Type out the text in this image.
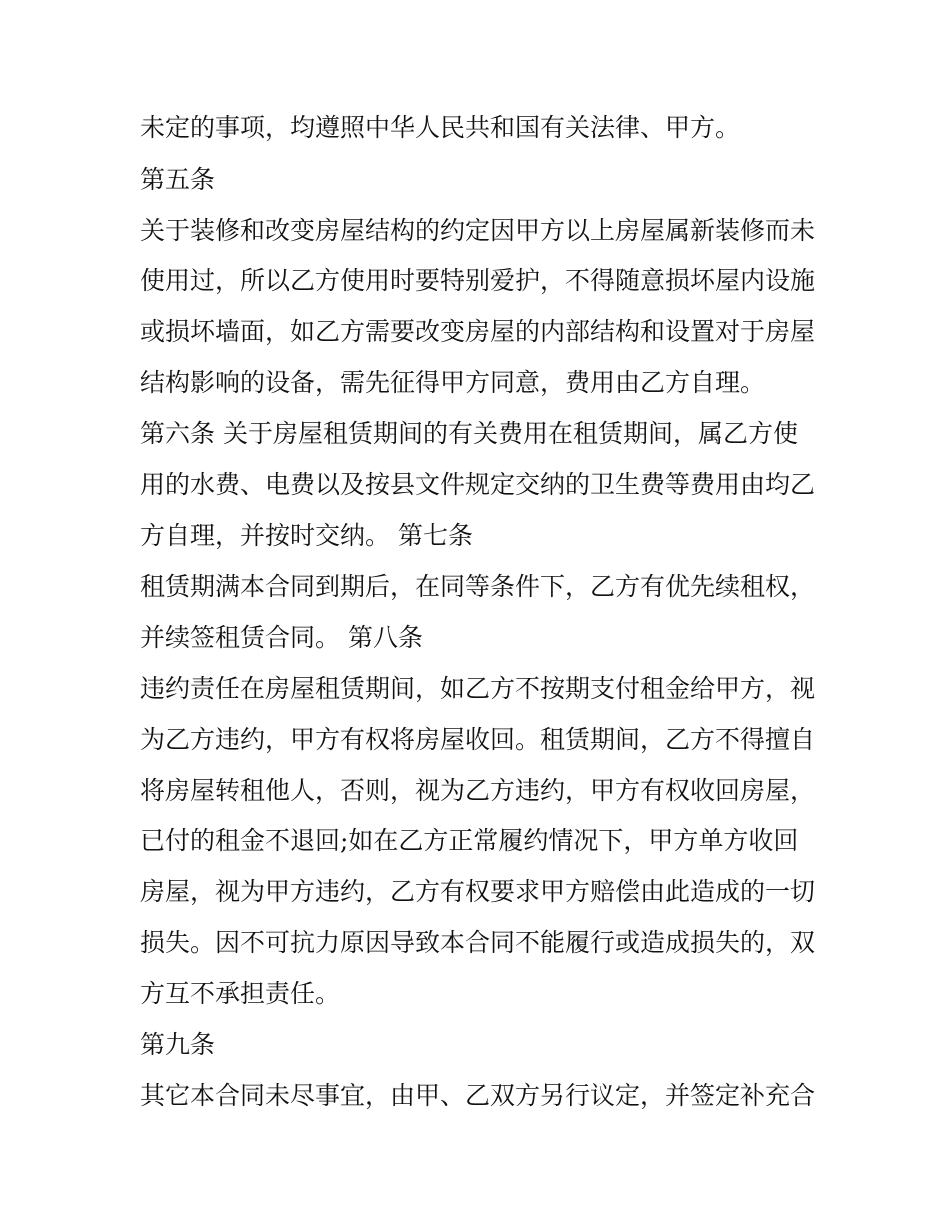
未定的事项，均遵照中华人民共和国有关法律、甲方。

第五条

关于装修和改变房屋结构的约定因甲方以上房屋属新装修而未

使用过，所以乙方使用时要特别爱护，不得随意损坏屋内设施

或损坏墙面，如乙方需要改变房屋的内部结构和设置对于房屋

结构影响的设备，需先征得甲方同意，费用由乙方自理。

第六条 关于房屋租赁期间的有关费用在租赁期间，属乙方使

用的水费、电费以及按县文件规定交纳的卫生费等费用由均乙

方自理，并按时交纳。 第七条

租赁期满本合同到期后，在同等条件下，乙方有优先续租权，

并续签租赁合同。 第八条

违约责任在房屋租赁期间，如乙方不按期支付租金给甲方，视

为乙方违约，甲方有权将房屋收回。租赁期间，乙方不得擅自

将房屋转租他人，否则，视为乙方违约，甲方有权收回房屋，

已付的租金不退回;如在乙方正常履约情况下，甲方单方收回

房屋，视为甲方违约，乙方有权要求甲方赔偿由此造成的一切

损失。因不可抗力原因导致本合同不能履行或造成损失的，双

方互不承担责任。

第九条

其它本合同未尽事宜，由甲、乙双方另行议定，并签定补充合
